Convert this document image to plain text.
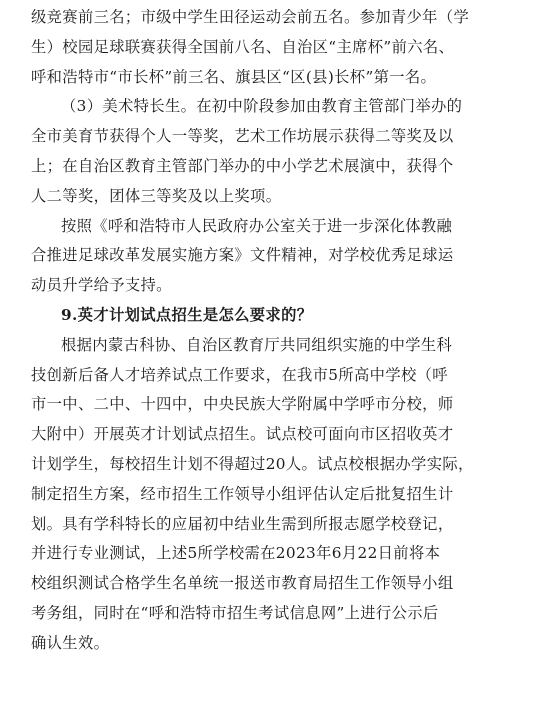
级竞赛前三名；市级中学生田径运动会前五名。参加青少年（学
生）校园足球联赛获得全国前八名、自治区“主席杯”前六名、
呼和浩特市“市长杯”前三名、旗县区“区(县)长杯”第一名。
（3）美术特长生。在初中阶段参加由教育主管部门举办的
全市美育节获得个人一等奖，艺术工作坊展示获得二等奖及以
上；在自治区教育主管部门举办的中小学艺术展演中，获得个
人二等奖，团体三等奖及以上奖项。
按照《呼和浩特市人民政府办公室关于进一步深化体教融
合推进足球改革发展实施方案》文件精神，对学校优秀足球运
动员升学给予支持。
9.英才计划试点招生是怎么要求的？
根据内蒙古科协、自治区教育厅共同组织实施的中学生科
技创新后备人才培养试点工作要求，在我市5所高中学校（呼
市一中、二中、十四中，中央民族大学附属中学呼市分校，师
大附中）开展英才计划试点招生。试点校可面向市区招收英才
计划学生，每校招生计划不得超过20人。试点校根据办学实际，
制定招生方案，经市招生工作领导小组评估认定后批复招生计
划。具有学科特长的应届初中结业生需到所报志愿学校登记，
并进行专业测试，上述5所学校需在2023年6月22日前将本
校组织测试合格学生名单统一报送市教育局招生工作领导小组
考务组，同时在“呼和浩特市招生考试信息网”上进行公示后
确认生效。
